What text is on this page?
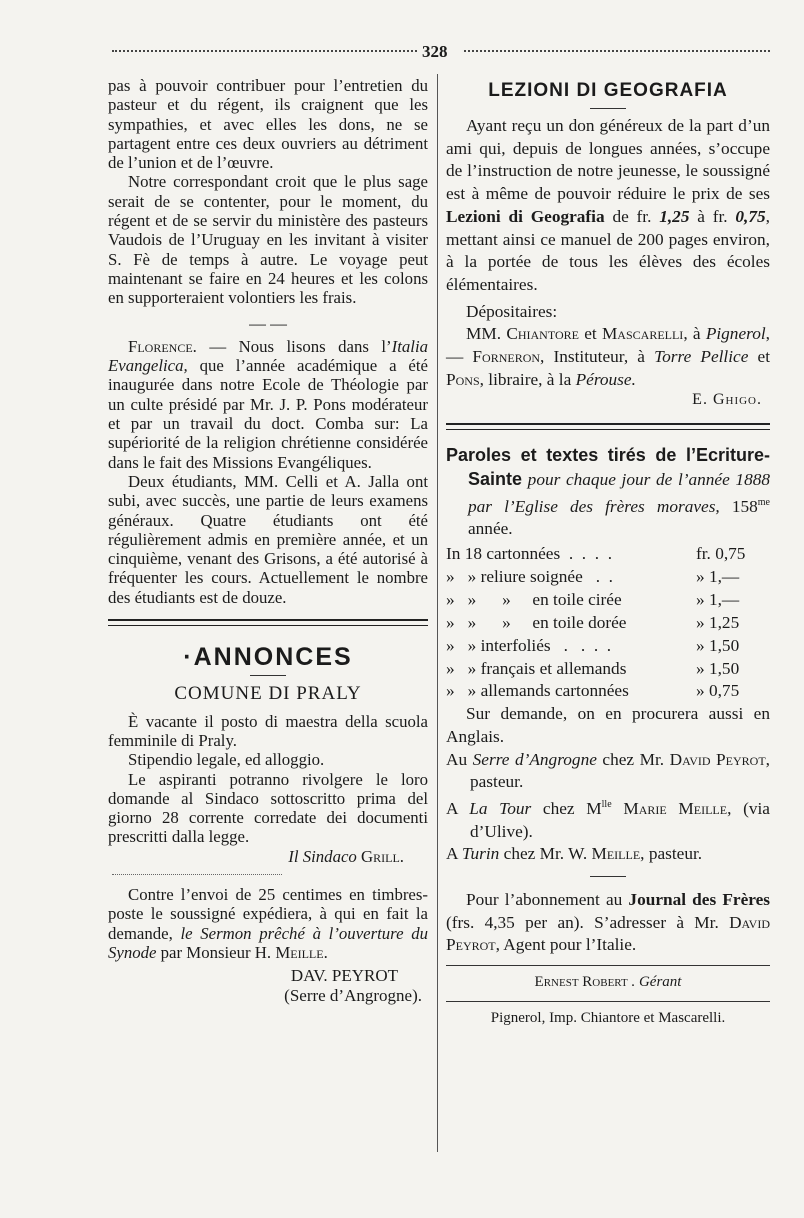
328

pas à pouvoir contribuer pour l’entretien du pasteur et du régent, ils craignent que les sympathies, et avec elles les dons, ne se partagent entre ces deux ouvriers au détriment de l’union et de l’œuvre.

Notre correspondant croit que le plus sage serait de se contenter, pour le moment, du régent et de se servir du ministère des pasteurs Vaudois de l’Uruguay en les invitant à visiter S. Fè de temps à autre. Le voyage peut maintenant se faire en 24 heures et les colons en supporteraient volontiers les frais.

— —

Florence. — Nous lisons dans l’Italia Evangelica, que l’année académique a été inaugurée dans notre Ecole de Théologie par un culte présidé par Mr. J. P. Pons modérateur et par un travail du doct. Comba sur: La supériorité de la religion chrétienne considérée dans le fait des Missions Evangéliques.

Deux étudiants, MM. Celli et A. Jalla ont subi, avec succès, une partie de leurs examens généraux. Quatre étudiants ont été régulièrement admis en première année, et un cinquième, venant des Grisons, a été autorisé à fréquenter les cours. Actuellement le nombre des étudiants est de douze.

·ANNONCES
COMUNE DI PRALY

È vacante il posto di maestra della scuola femminile di Praly.

Stipendio legale, ed alloggio.

Le aspiranti potranno rivolgere le loro domande al Sindaco sottoscritto prima del giorno 28 corrente corredate dei documenti prescritti dalla legge.

Il Sindaco Grill.

Contre l’envoi de 25 centimes en timbres-poste le soussigné expédiera, à qui en fait la demande, le Sermon prêché à l’ouverture du Synode par Monsieur H. Meille.

DAV. PEYROT
(Serre d’Angrogne).
LEZIONI DI GEOGRAFIA

Ayant reçu un don généreux de la part d’un ami qui, depuis de longues années, s’occupe de l’instruction de notre jeunesse, le soussigné est à même de pouvoir réduire le prix de ses Lezioni di Geografia de fr. 1,25 à fr. 0,75, mettant ainsi ce manuel de 200 pages environ, à la portée de tous les élèves des écoles élémentaires.

Dépositaires:

MM. Chiantore et Mascarelli, à Pignerol, — Forneron, Instituteur, à Torre Pellice et Pons, libraire, à la Pérouse.

E. Ghigo.

Paroles et textes tirés de l’Ecriture-Sainte pour chaque jour de l’année 1888 par l’Eglise des frères moraves, $158^{me}$ année.

In 18 cartonnées  .  .  .  .	fr. 0,75
»   » reliure soignée   .  .	» 1,—
»   »      »     en toile cirée	» 1,—
»   »      »     en toile dorée	» 1,25
»   » interfoliés   .   .  .  .	» 1,50
»   » français et allemands	» 1,50
»   » allemands cartonnées	» 0,75

Sur demande, on en procurera aussi en Anglais.

Au Serre d’Angrogne chez Mr. David Peyrot, pasteur.

A La Tour chez $M^{lle}$ Marie Meille, (via d’Ulive).

A Turin chez Mr. W. Meille, pasteur.

Pour l’abonnement au Journal des Frères (frs. 4,35 per an). S’adresser à Mr. David Peyrot, Agent pour l’Italie.

Ernest Robert . Gérant
Pignerol, Imp. Chiantore et Mascarelli.
